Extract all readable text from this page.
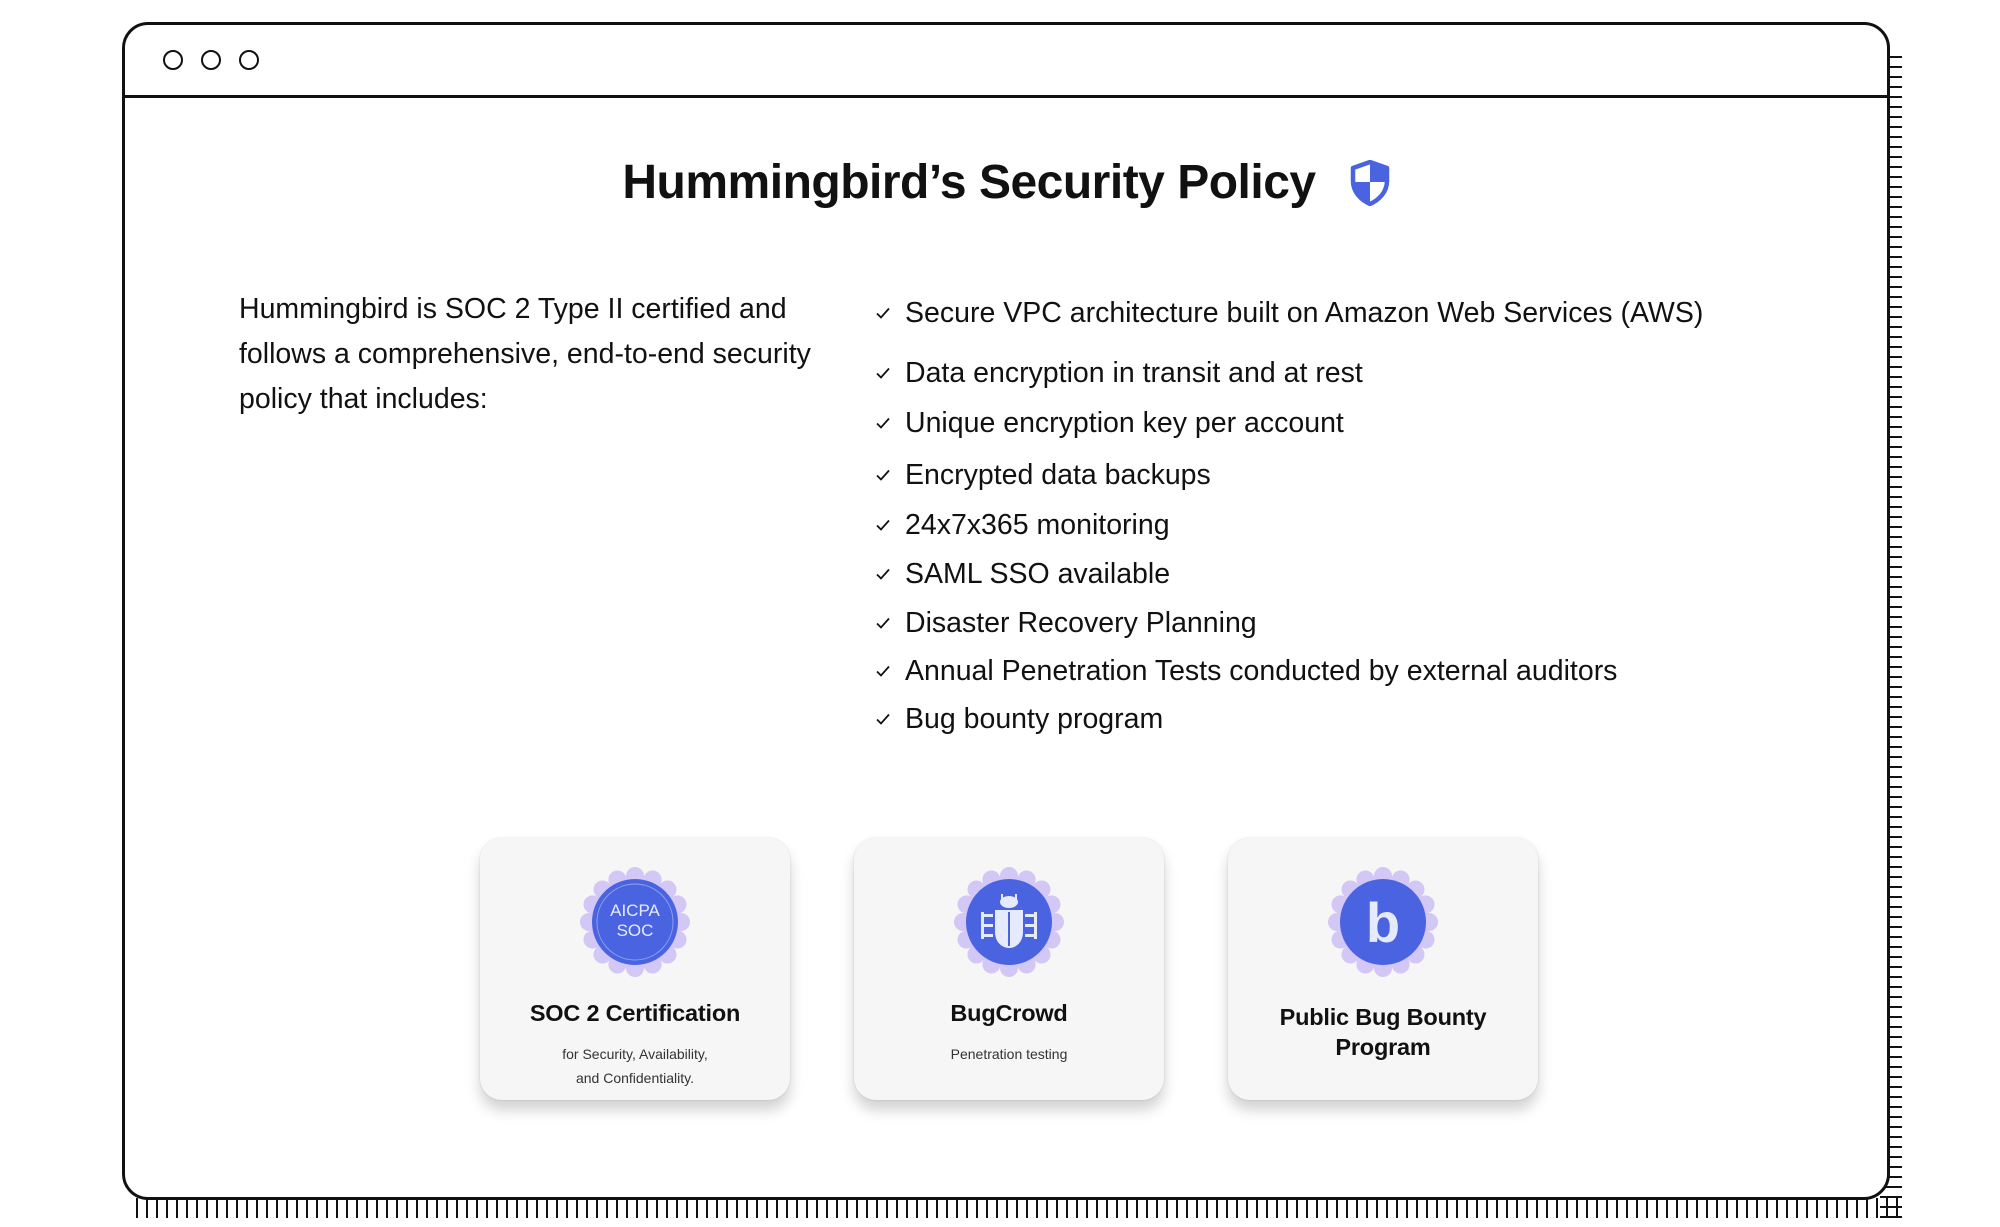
Hummingbird’s Security Policy

Hummingbird is SOC 2 Type II certified and follows a comprehensive, end-to-end security policy that includes:

Secure VPC architecture built on Amazon Web Services (AWS)
Data encryption in transit and at rest
Unique encryption key per account
Encrypted data backups
24x7x365 monitoring
SAML SSO available
Disaster Recovery Planning
Annual Penetration Tests conducted by external auditors
Bug bounty program
AICPA
SOC
SOC 2 Certification
for Security, Availability,
and Confidentiality.
BugCrowd
Penetration testing
b
Public Bug Bounty Program
